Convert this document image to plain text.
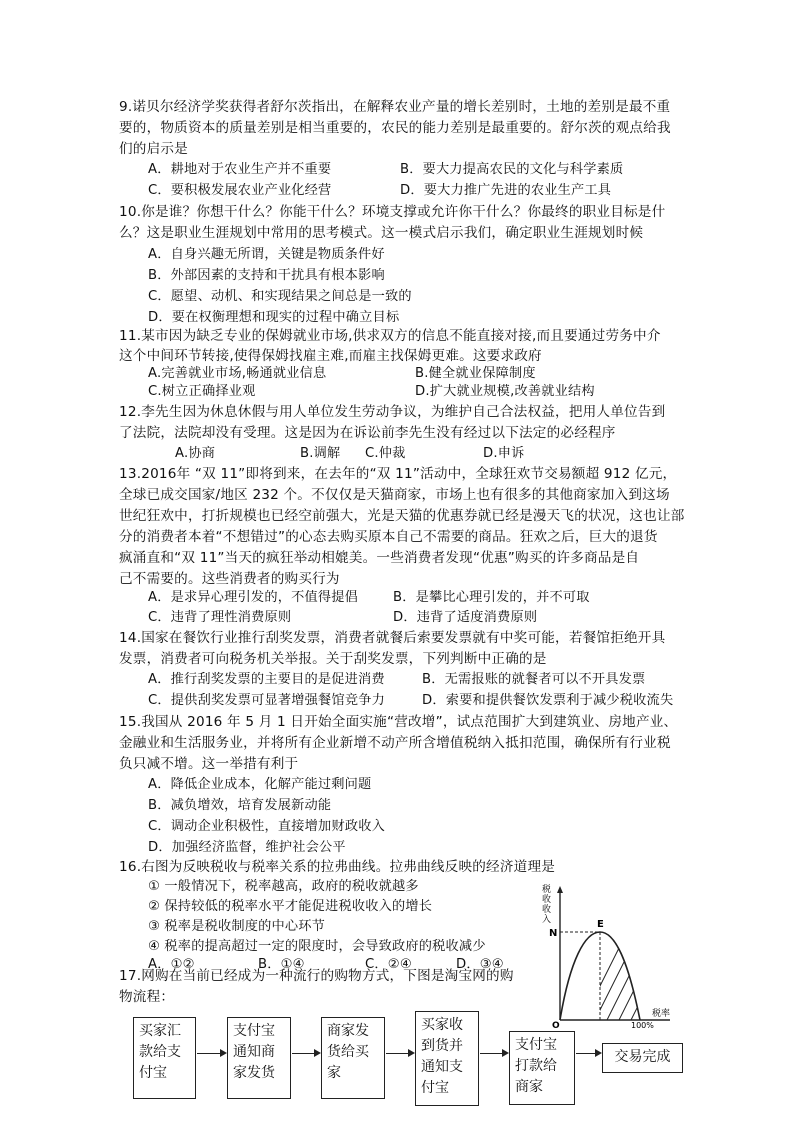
9.诺贝尔经济学奖获得者舒尔茨指出，在解释农业产量的增长差别时，土地的差别是最不重
要的，物质资本的质量差别是相当重要的，农民的能力差别是最重要的。舒尔茨的观点给我
们的启示是
A．耕地对于农业生产并不重要	B．要大力提高农民的文化与科学素质
C．要积极发展农业产业化经营	D．要大力推广先进的农业生产工具
10.你是谁？你想干什么？你能干什么？环境支撑或允许你干什么？你最终的职业目标是什
么？这是职业生涯规划中常用的思考模式。这一模式启示我们，确定职业生涯规划时候
A．自身兴趣无所谓，关键是物质条件好
B．外部因素的支持和干扰具有根本影响
C．愿望、动机、和实现结果之间总是一致的
D．要在权衡理想和现实的过程中确立目标
11.某市因为缺乏专业的保姆就业市场,供求双方的信息不能直接对接,而且要通过劳务中介
这个中间环节转接,使得保姆找雇主难,而雇主找保姆更难。这要求政府
A.完善就业市场,畅通就业信息	B.健全就业保障制度
C.树立正确择业观	D.扩大就业规模,改善就业结构
12.李先生因为休息休假与用人单位发生劳动争议，为维护自己合法权益，把用人单位告到
了法院，法院却没有受理。这是因为在诉讼前李先生没有经过以下法定的必经程序
A.协商	B.调解 C.仲裁	D.申诉
13.2016年 “双 11”即将到来，在去年的“双 11”活动中，全球狂欢节交易额超 912 亿元，
全球已成交国家/地区 232 个。不仅仅是天猫商家，市场上也有很多的其他商家加入到这场
世纪狂欢中，打折规模也已经空前强大，光是天猫的优惠券就已经是漫天飞的状况，这也让部
分的消费者本着“不想错过”的心态去购买原本自己不需要的商品。狂欢之后，巨大的退货
疯涌直和“双 11”当天的疯狂举动相媲美。一些消费者发现“优惠”购买的许多商品是自
己不需要的。这些消费者的购买行为
A．是求异心理引发的，不值得提倡	B．是攀比心理引发的，并不可取
C．违背了理性消费原则	D．违背了适度消费原则
14.国家在餐饮行业推行刮奖发票，消费者就餐后索要发票就有中奖可能，若餐馆拒绝开具
发票，消费者可向税务机关举报。关于刮奖发票，下列判断中正确的是
A．推行刮奖发票的主要目的是促进消费	B．无需报账的就餐者可以不开具发票
C．提供刮奖发票可显著增强餐馆竞争力	D．索要和提供餐饮发票利于减少税收流失
15.我国从 2016 年 5 月 1 日开始全面实施“营改增”，试点范围扩大到建筑业、房地产业、
金融业和生活服务业，并将所有企业新增不动产所含增值税纳入抵扣范围，确保所有行业税
负只减不增。这一举措有利于
A．降低企业成本，化解产能过剩问题
B．减负增效，培育发展新动能
C．调动企业积极性，直接增加财政收入
D．加强经济监督，维护社会公平
16.右图为反映税收与税率关系的拉弗曲线。拉弗曲线反映的经济道理是
① 一般情况下，税率越高，政府的税收就越多
② 保持较低的税率水平才能促进税收收入的增长
③ 税率是税收制度的中心环节
④ 税率的提高超过一定的限度时，会导致政府的税收减少
A．①②	B．①④	C．②④	D．③④
税
收
收
入
N
E
O	100%
税率
17.网购在当前已经成为一种流行的购物方式，下图是淘宝网的购
物流程：
买家汇款给支付宝
支付宝通知商家发货
商家发货给买家
买家收到货并通知支付宝
支付宝打款给商家
交易完成
